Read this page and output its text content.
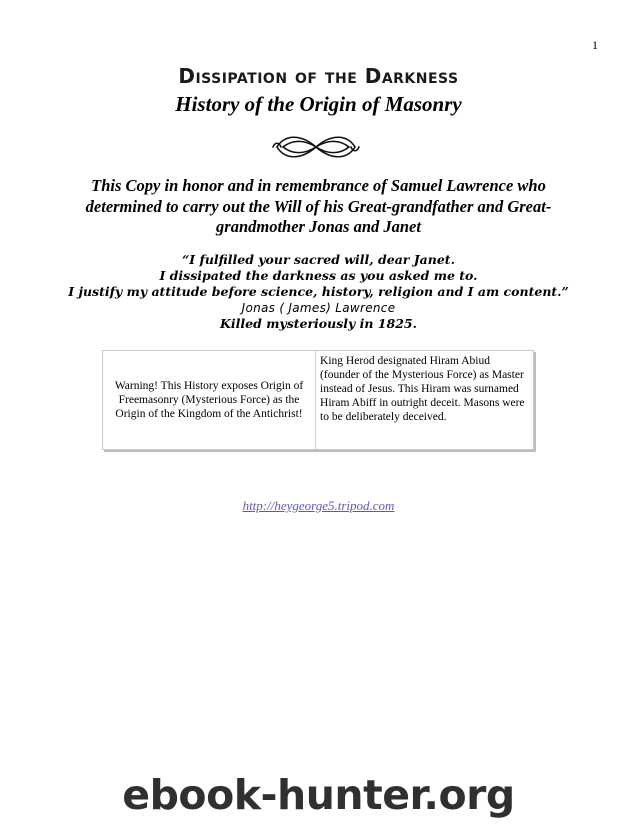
1
Dissipation of the Darkness
History of the Origin of Masonry
This Copy in honor and in remembrance of Samuel Lawrence who
determined to carry out the Will of his Great-grandfather and Great-
grandmother Jonas and Janet
“I fulfilled your sacred will, dear Janet.
I dissipated the darkness as you asked me to.
I justify my attitude before science, history, religion and I am content.”
Jonas ( James) Lawrence
Killed mysteriously in 1825.
Warning! This History exposes Origin of Freemasonry (Mysterious Force) as the Origin of the Kingdom of the Antichrist!
King Herod designated Hiram Abiud (founder of the Mysterious Force) as Master instead of Jesus. This Hiram was surnamed Hiram Abiff in outright deceit. Masons were to be deliberately deceived.
http://heygeorge5.tripod.com
ebook-hunter.org
